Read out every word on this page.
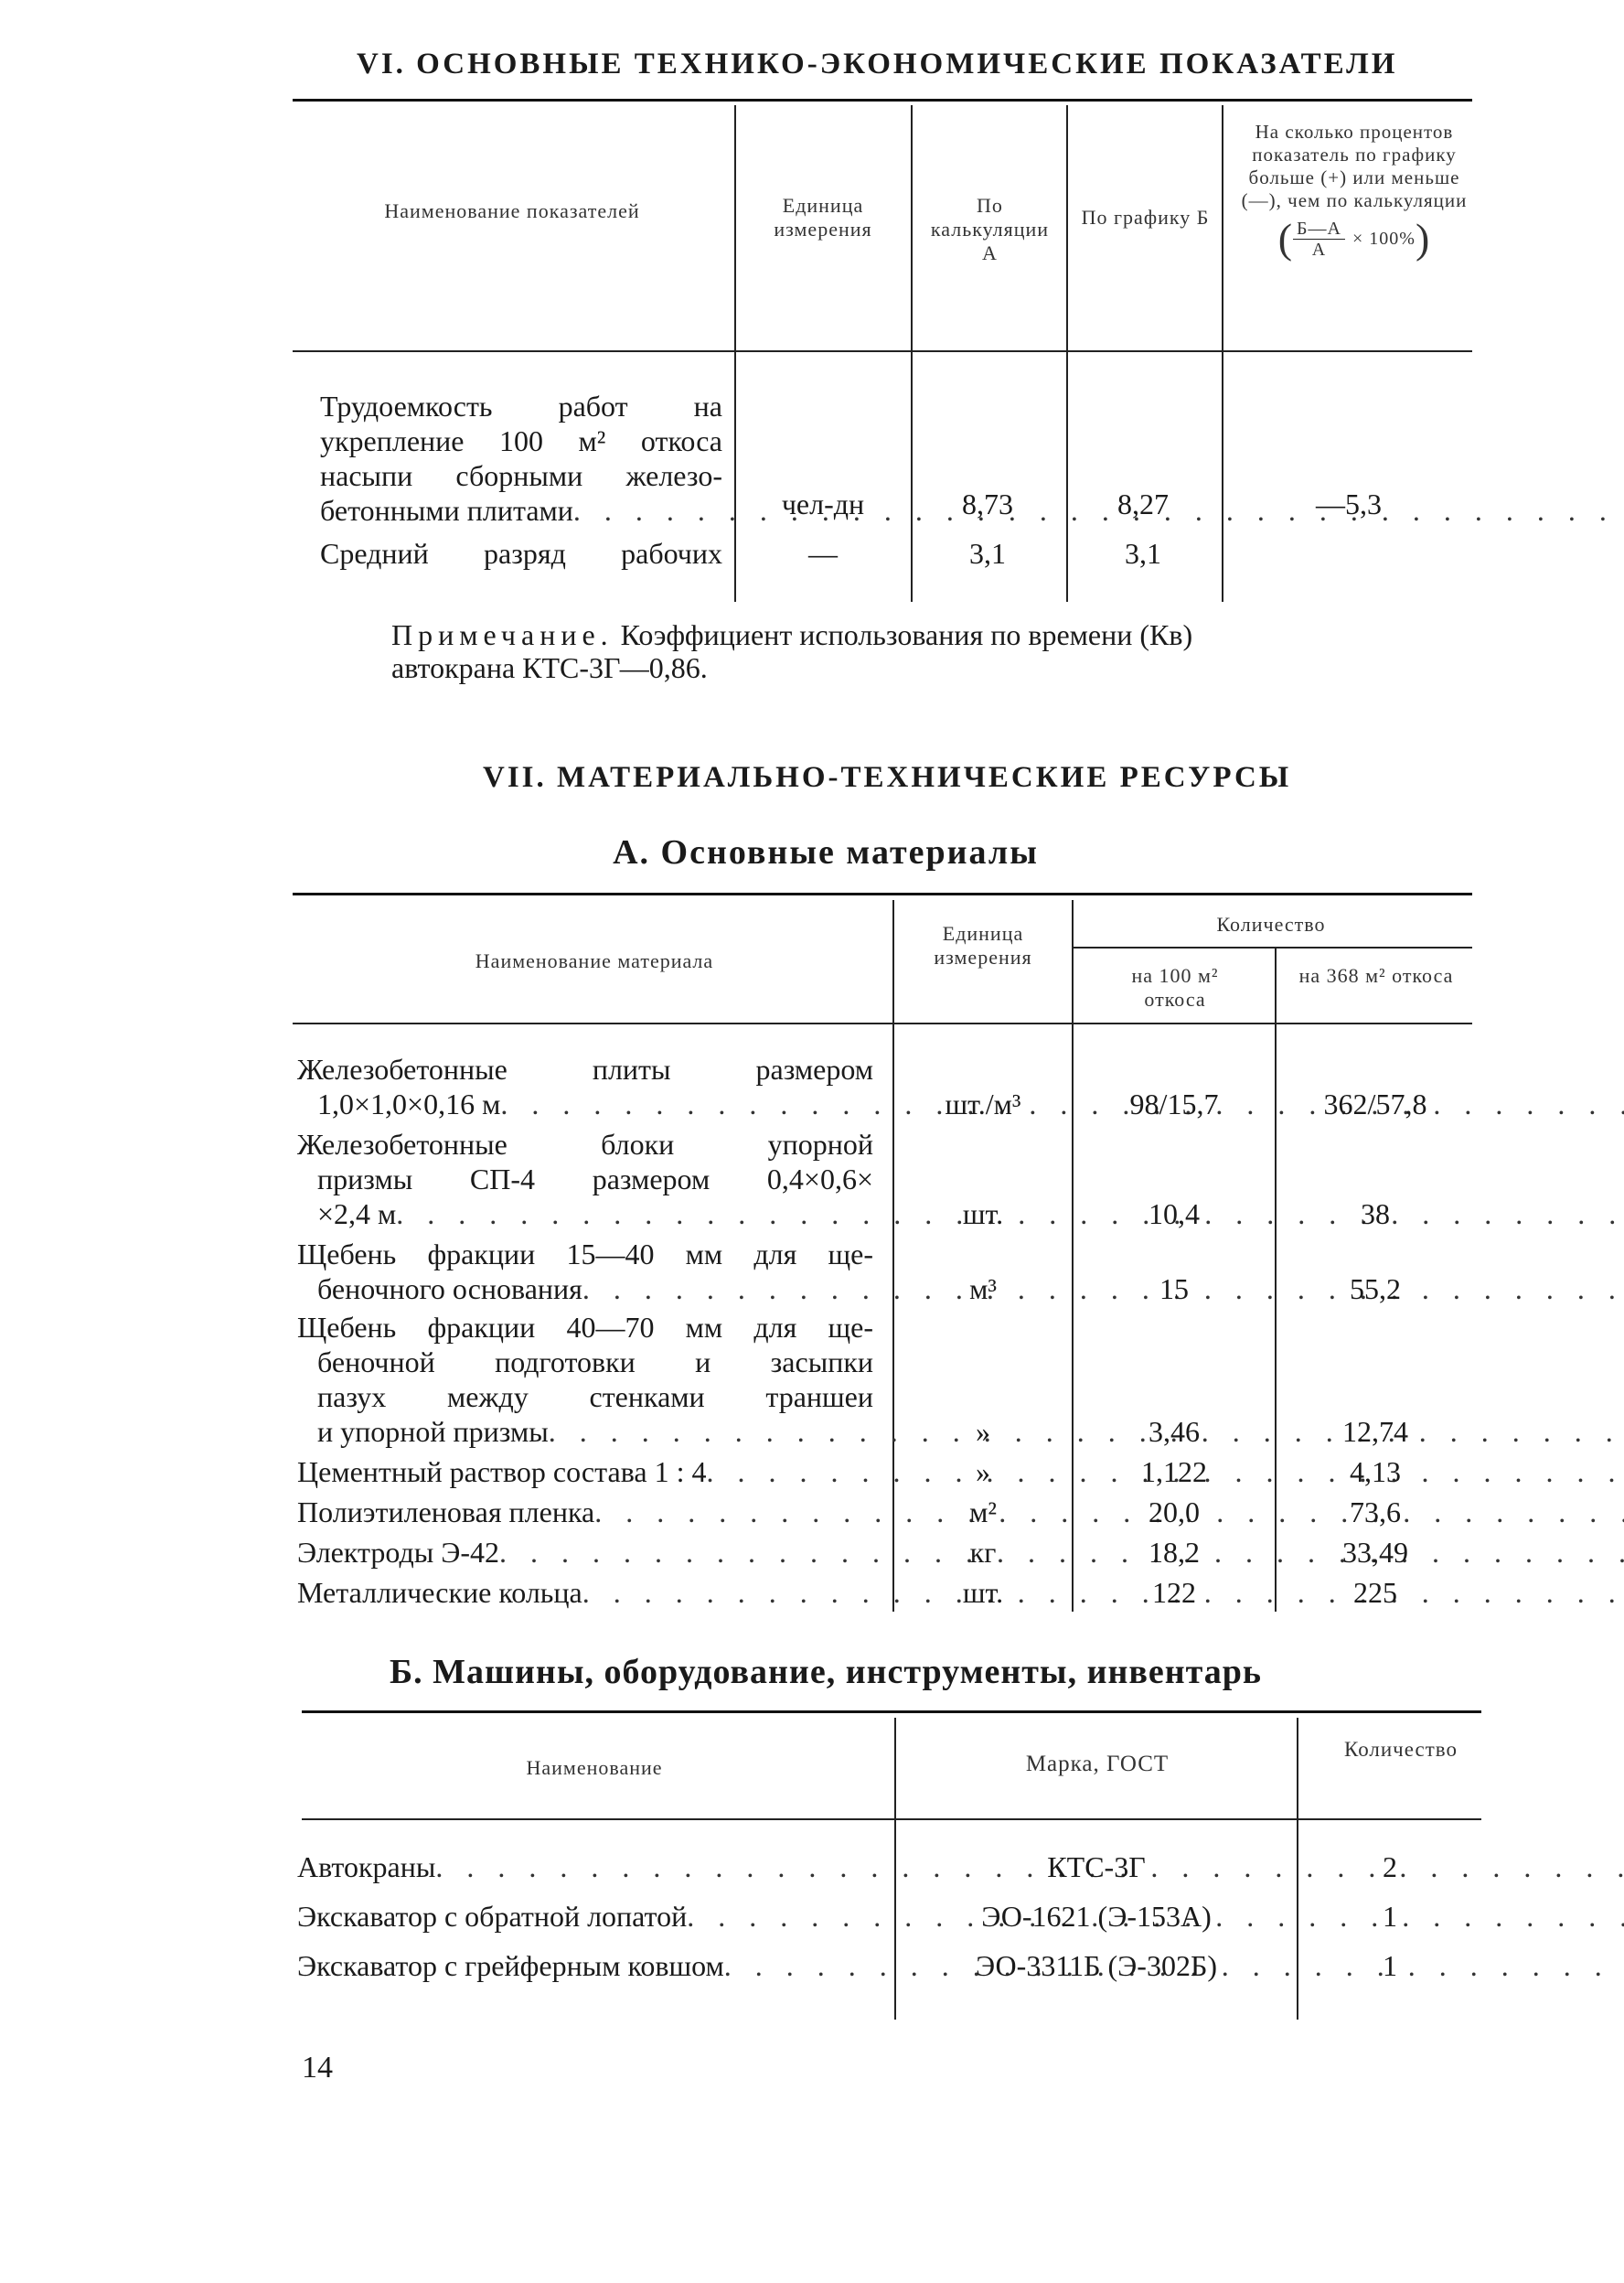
VI. ОСНОВНЫЕ ТЕХНИКО-ЭКОНОМИЧЕСКИЕ ПОКАЗАТЕЛИ
Наименование показателей	Единица измерения
По калькуляции А
По графику Б
На сколько процентов показатель по графику больше (+) или меньше (—), чем по калькуляции
( $\frac{Б—А}{А} \times 100\%$ )
Трудоемкость работ на
укрепление 100 м² откоса
насыпи сборными железо-
бетонными плитами . . .	чел-дн	8,73	8,27	—5,3
Средний разряд рабочих	—	3,1	3,1
Примечание. Коэффициент использования по времени (Кв)
автокрана КТС-3Г—0,86.
VII. МАТЕРИАЛЬНО-ТЕХНИЧЕСКИЕ РЕСУРСЫ
А. Основные материалы
Наименование материала
Единица измерения
Количество
на 100 м² откоса
на 368 м² откоса
Железобетонные плиты размером
1,0×1,0×0,16 м . . .	шт./м³	98/15,7	362/57,8
Железобетонные блоки упорной
призмы СП-4 размером 0,4×0,6×
×2,4 м . . .	шт.	10,4	38
Щебень фракции 15—40 мм для ще-
беночного основания . . .	м³	15	55,2
Щебень фракции 40—70 мм для ще-
беночной подготовки и засыпки
пазух между стенками траншеи
и упорной призмы . . .	»	3,46	12,74
Цементный раствор состава 1 : 4 . . .	»	1,122	4,13
Полиэтиленовая пленка . . .	м²	20,0	73,6
Электроды Э-42 . . .	кг	18,2	33,49
Металлические кольца . . .	шт.	122	225
Б. Машины, оборудование, инструменты, инвентарь
Наименование	Марка, ГОСТ
Количество
Автокраны . . .	КТС-3Г	2
Экскаватор с обратной лопатой . . .	ЭО-1621 (Э-153А)	1
Экскаватор с грейферным ковшом . . .	ЭО-3311Б (Э-302Б)	1
14
